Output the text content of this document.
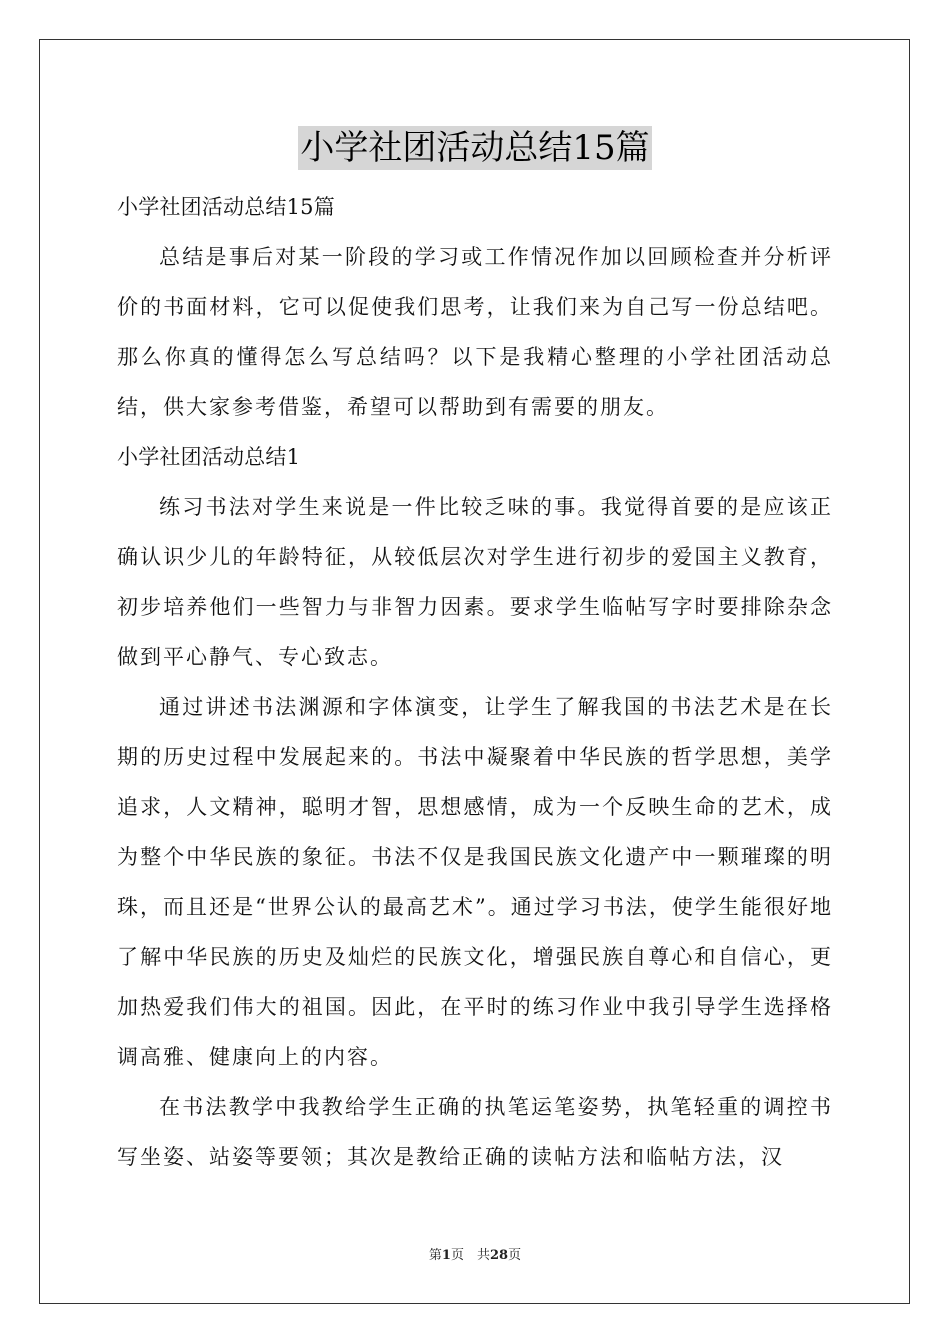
小学社团活动总结15篇
小学社团活动总结15篇

总结是事后对某一阶段的学习或工作情况作加以回顾检查并分析评价的书面材料，它可以促使我们思考，让我们来为自己写一份总结吧。那么你真的懂得怎么写总结吗？以下是我精心整理的小学社团活动总结，供大家参考借鉴，希望可以帮助到有需要的朋友。

小学社团活动总结1

练习书法对学生来说是一件比较乏味的事。我觉得首要的是应该正确认识少儿的年龄特征，从较低层次对学生进行初步的爱国主义教育，初步培养他们一些智力与非智力因素。要求学生临帖写字时要排除杂念做到平心静气、专心致志。

通过讲述书法渊源和字体演变，让学生了解我国的书法艺术是在长期的历史过程中发展起来的。书法中凝聚着中华民族的哲学思想，美学追求，人文精神，聪明才智，思想感情，成为一个反映生命的艺术，成为整个中华民族的象征。书法不仅是我国民族文化遗产中一颗璀璨的明珠，而且还是“世界公认的最高艺术”。通过学习书法，使学生能很好地了解中华民族的历史及灿烂的民族文化，增强民族自尊心和自信心，更加热爱我们伟大的祖国。因此，在平时的练习作业中我引导学生选择格调高雅、健康向上的内容。

在书法教学中我教给学生正确的执笔运笔姿势，执笔轻重的调控书写坐姿、站姿等要领；其次是教给正确的读帖方法和临帖方法，汉

第1页　共28页
